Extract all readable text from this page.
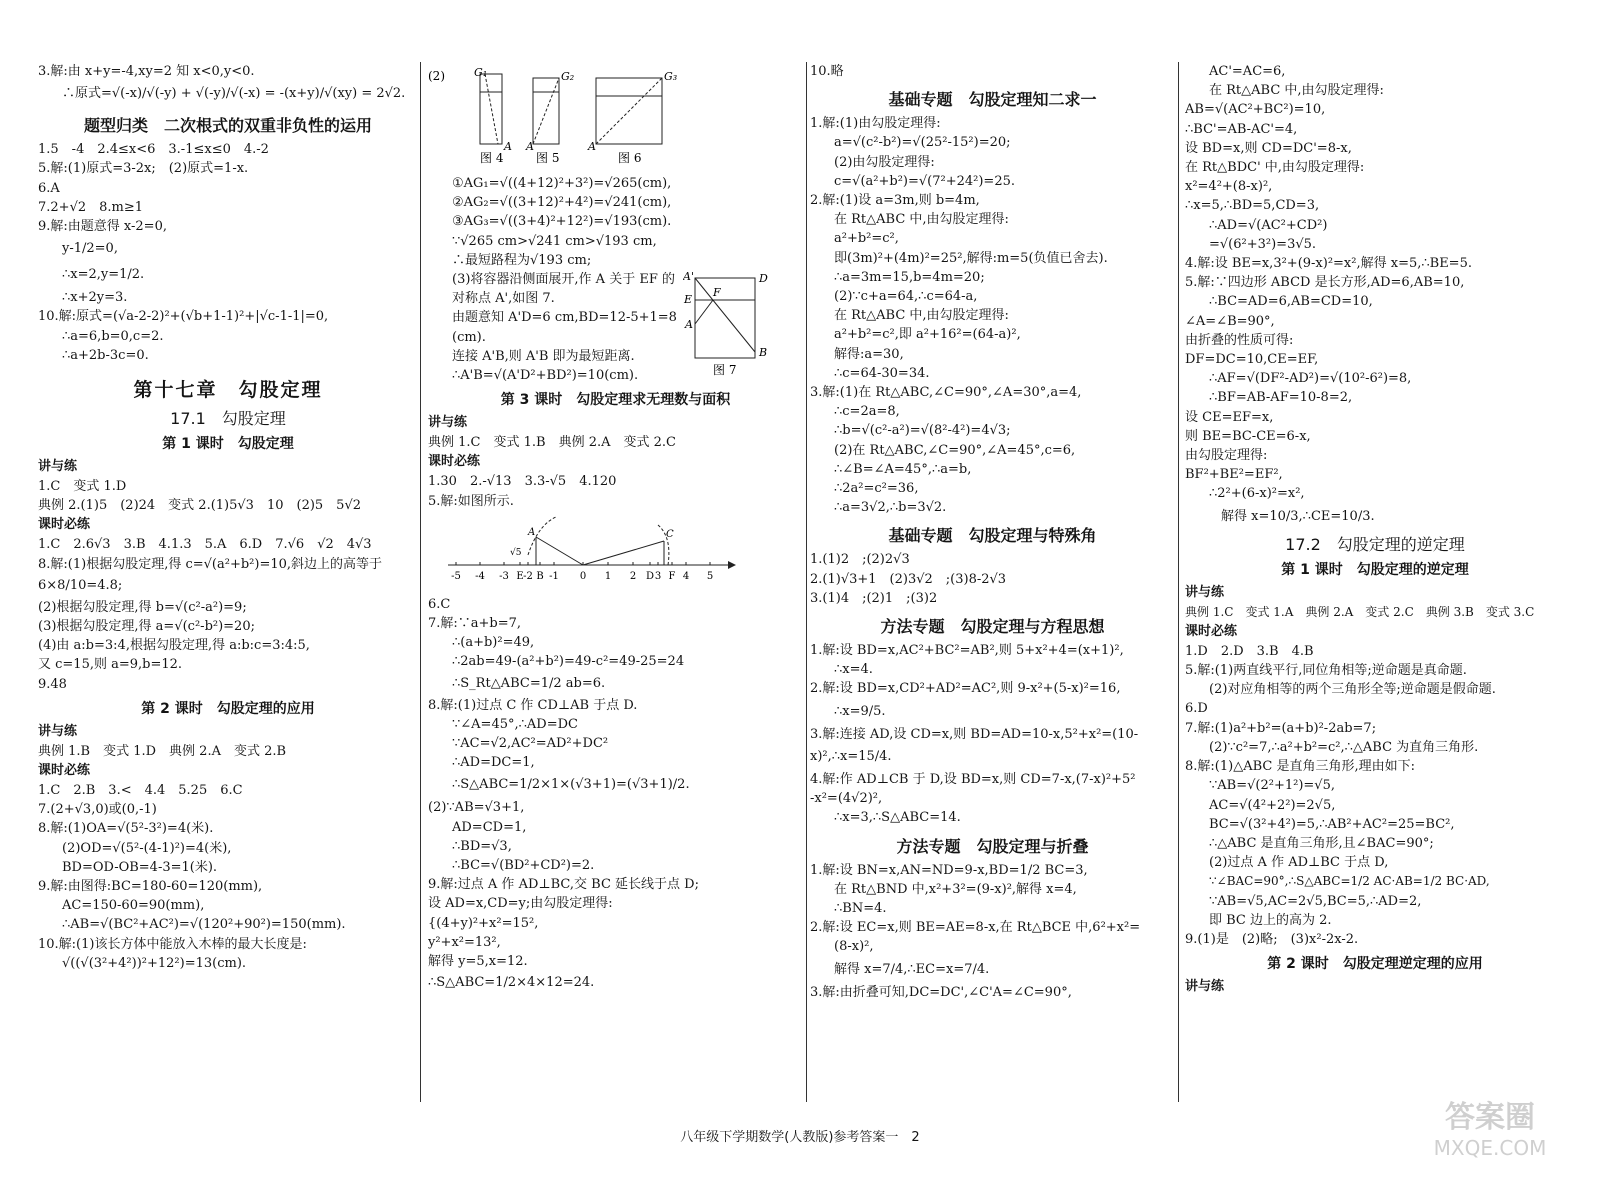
3.解:由 x+y=-4,xy=2 知 x<0,y<0.
∴原式=√(-x)/√(-y) + √(-y)/√(-x) = -(x+y)/√(xy) = 2√2.
题型归类　二次根式的双重非负性的运用
1.5　-4　2.4≤x<6　3.-1≤x≤0　4.-2
5.解:(1)原式=3-2x;　(2)原式=1-x.
6.A
7.2+√2　8.m≥1
9.解:由题意得 x-2=0,
y-1/2=0,
∴x=2,y=1/2.
∴x+2y=3.
10.解:原式=(√a-2-2)²+(√b+1-1)²+|√c-1-1|=0,
∴a=6,b=0,c=2.
∴a+2b-3c=0.
第十七章　勾股定理
17.1　勾股定理
第 1 课时　勾股定理
讲与练
1.C　变式 1.D
典例 2.(1)5　(2)24　变式 2.(1)5√3　10　(2)5　5√2
课时必练
1.C　2.6√3　3.B　4.1.3　5.A　6.D　7.√6　√2　4√3
8.解:(1)根据勾股定理,得 c=√(a²+b²)=10,斜边上的高等于
6×8/10=4.8;
(2)根据勾股定理,得 b=√(c²-a²)=9;
(3)根据勾股定理,得 a=√(c²-b²)=20;
(4)由 a:b=3:4,根据勾股定理,得 a:b:c=3:4:5,
又 c=15,则 a=9,b=12.
9.48
第 2 课时　勾股定理的应用
讲与练
典例 1.B　变式 1.D　典例 2.A　变式 2.B
课时必练
1.C　2.B　3.<　4.4　5.25　6.C
7.(2+√3,0)或(0,-1)
8.解:(1)OA=√(5²-3²)=4(米).
(2)OD=√(5²-(4-1)²)=4(米),
BD=OD-OB=4-3=1(米).
9.解:由图得:BC=180-60=120(mm),
AC=150-60=90(mm),
∴AB=√(BC²+AC²)=√(120²+90²)=150(mm).
10.解:(1)该长方体中能放入木棒的最大长度是:
√((√(3²+4²))²+12²)=13(cm).
(2)	G₁
A
图 4
G₂
A
图 5
G₃
A
图 6
①AG₁=√((4+12)²+3²)=√265(cm),
②AG₂=√((3+12)²+4²)=√241(cm),
③AG₃=√((3+4)²+12²)=√193(cm).
∵√265 cm>√241 cm>√193 cm,
∴最短路程为√193 cm;
A'
E
F
D
B
A
图 7
(3)将容器沿侧面展开,作 A 关于 EF 的
对称点 A',如图 7.
由题意知 A'D=6 cm,BD=12-5+1=8
(cm).
连接 A'B,则 A'B 即为最短距离.
∴A'B=√(A'D²+BD²)=10(cm).
第 3 课时　勾股定理求无理数与面积
讲与练
典例 1.C　变式 1.B　典例 2.A　变式 2.C
课时必练
1.30　2.-√13　3.3-√5　4.120
5.解:如图所示.
A	C
√5
-5 -4 -3 E -2 B -1 0 1 2 D 3 F 4 5
6.C
7.解:∵a+b=7,
∴(a+b)²=49,
∴2ab=49-(a²+b²)=49-c²=49-25=24
∴S_Rt△ABC=1/2 ab=6.
8.解:(1)过点 C 作 CD⊥AB 于点 D.
∵∠A=45°,∴AD=DC
∵AC=√2,AC²=AD²+DC²
∴AD=DC=1,
∴S△ABC=1/2×1×(√3+1)=(√3+1)/2.
(2)∵AB=√3+1,
AD=CD=1,
∴BD=√3,
∴BC=√(BD²+CD²)=2.
9.解:过点 A 作 AD⊥BC,交 BC 延长线于点 D;
设 AD=x,CD=y;由勾股定理得:
{(4+y)²+x²=15²,
y²+x²=13²,
解得 y=5,x=12.
∴S△ABC=1/2×4×12=24.
10.略
基础专题　勾股定理知二求一
1.解:(1)由勾股定理得:
a=√(c²-b²)=√(25²-15²)=20;
(2)由勾股定理得:
c=√(a²+b²)=√(7²+24²)=25.
2.解:(1)设 a=3m,则 b=4m,
在 Rt△ABC 中,由勾股定理得:
a²+b²=c²,
即(3m)²+(4m)²=25²,解得:m=5(负值已舍去).
∴a=3m=15,b=4m=20;
(2)∵c+a=64,∴c=64-a,
在 Rt△ABC 中,由勾股定理得:
a²+b²=c²,即 a²+16²=(64-a)²,
解得:a=30,
∴c=64-30=34.
3.解:(1)在 Rt△ABC,∠C=90°,∠A=30°,a=4,
∴c=2a=8,
∴b=√(c²-a²)=√(8²-4²)=4√3;
(2)在 Rt△ABC,∠C=90°,∠A=45°,c=6,
∴∠B=∠A=45°,∴a=b,
∴2a²=c²=36,
∴a=3√2,∴b=3√2.
基础专题　勾股定理与特殊角
1.(1)2　;(2)2√3
2.(1)√3+1　(2)3√2　;(3)8-2√3
3.(1)4　;(2)1　;(3)2
方法专题　勾股定理与方程思想
1.解:设 BD=x,AC²+BC²=AB²,则 5+x²+4=(x+1)²,
∴x=4.
2.解:设 BD=x,CD²+AD²=AC²,则 9-x²+(5-x)²=16,
∴x=9/5.
3.解:连接 AD,设 CD=x,则 BD=AD=10-x,5²+x²=(10-
x)²,∴x=15/4.
4.解:作 AD⊥CB 于 D,设 BD=x,则 CD=7-x,(7-x)²+5²
-x²=(4√2)²,
∴x=3,∴S△ABC=14.
方法专题　勾股定理与折叠
1.解:设 BN=x,AN=ND=9-x,BD=1/2 BC=3,
在 Rt△BND 中,x²+3²=(9-x)²,解得 x=4,
∴BN=4.
2.解:设 EC=x,则 BE=AE=8-x,在 Rt△BCE 中,6²+x²=
(8-x)²,
解得 x=7/4,∴EC=x=7/4.
3.解:由折叠可知,DC=DC',∠C'A=∠C=90°,
AC'=AC=6,
在 Rt△ABC 中,由勾股定理得:
AB=√(AC²+BC²)=10,
∴BC'=AB-AC'=4,
设 BD=x,则 CD=DC'=8-x,
在 Rt△BDC' 中,由勾股定理得:
x²=4²+(8-x)²,
∴x=5,∴BD=5,CD=3,
∴AD=√(AC²+CD²)
=√(6²+3²)=3√5.
4.解:设 BE=x,3²+(9-x)²=x²,解得 x=5,∴BE=5.
5.解:∵四边形 ABCD 是长方形,AD=6,AB=10,
∴BC=AD=6,AB=CD=10,
∠A=∠B=90°,
由折叠的性质可得:
DF=DC=10,CE=EF,
∴AF=√(DF²-AD²)=√(10²-6²)=8,
∴BF=AB-AF=10-8=2,
设 CE=EF=x,
则 BE=BC-CE=6-x,
由勾股定理得:
BF²+BE²=EF²,
∴2²+(6-x)²=x²,
解得 x=10/3,∴CE=10/3.
17.2　勾股定理的逆定理
第 1 课时　勾股定理的逆定理
讲与练
典例 1.C　变式 1.A　典例 2.A　变式 2.C　典例 3.B　变式 3.C
课时必练
1.D　2.D　3.B　4.B
5.解:(1)两直线平行,同位角相等;逆命题是真命题.
(2)对应角相等的两个三角形全等;逆命题是假命题.
6.D
7.解:(1)a²+b²=(a+b)²-2ab=7;
(2)∵c²=7,∴a²+b²=c²,∴△ABC 为直角三角形.
8.解:(1)△ABC 是直角三角形,理由如下:
∵AB=√(2²+1²)=√5,
AC=√(4²+2²)=2√5,
BC=√(3²+4²)=5,∴AB²+AC²=25=BC²,
∴△ABC 是直角三角形,且∠BAC=90°;
(2)过点 A 作 AD⊥BC 于点 D,
∵∠BAC=90°,∴S△ABC=1/2 AC·AB=1/2 BC·AD,
∵AB=√5,AC=2√5,BC=5,∴AD=2,
即 BC 边上的高为 2.
9.(1)是　(2)略;　(3)x²-2x-2.
第 2 课时　勾股定理逆定理的应用
讲与练
八年级下学期数学(人教版)参考答案一　2
答案圈
MXQE.COM
